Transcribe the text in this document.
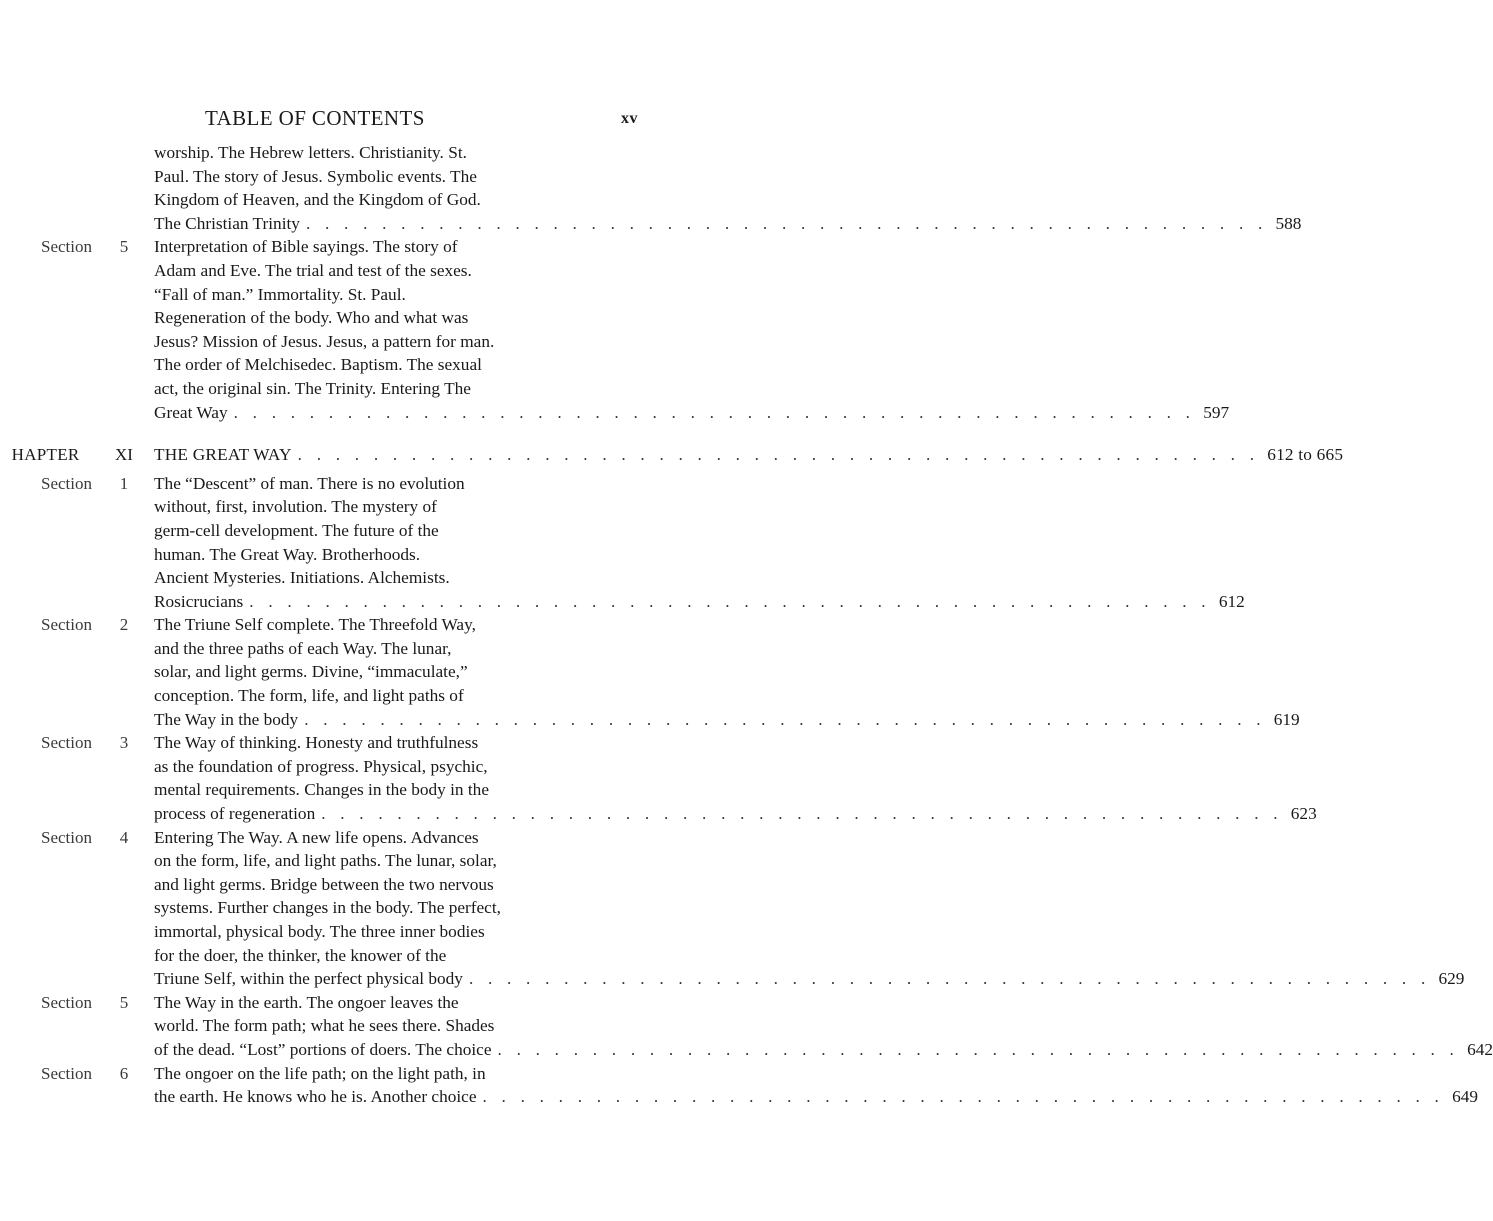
TABLE OF CONTENTS	xv
worship. The Hebrew letters. Christianity. St.
Paul. The story of Jesus. Symbolic events. The
Kingdom of Heaven, and the Kingdom of God.
The Christian Trinity . . . . . . . . . . . . . . . . . . . . . . . . . . . . . . . . . . . . . . . . . . . . . . . . . . . 588
Section 5 Interpretation of Bible sayings. The story of
Adam and Eve. The trial and test of the sexes.
“Fall of man.” Immortality. St. Paul.
Regeneration of the body. Who and what was
Jesus? Mission of Jesus. Jesus, a pattern for man.
The order of Melchisedec. Baptism. The sexual
act, the original sin. The Trinity. Entering The
Great Way . . . . . . . . . . . . . . . . . . . . . . . . . . . . . . . . . . . . . . . . . . . . . . . . . . . 597
CHAPTER XI THE GREAT WAY . . . . . . . . . . . . . . . . . . . . . . . . . . . . . . . . . . . . . . . . . . . . . . . . . . . 612 to 665
Section 1 The “Descent” of man. There is no evolution
without, first, involution. The mystery of
germ-cell development. The future of the
human. The Great Way. Brotherhoods.
Ancient Mysteries. Initiations. Alchemists.
Rosicrucians . . . . . . . . . . . . . . . . . . . . . . . . . . . . . . . . . . . . . . . . . . . . . . . . . . . 612
Section 2 The Triune Self complete. The Threefold Way,
and the three paths of each Way. The lunar,
solar, and light germs. Divine, “immaculate,”
conception. The form, life, and light paths of
The Way in the body . . . . . . . . . . . . . . . . . . . . . . . . . . . . . . . . . . . . . . . . . . . . . . . . . . . 619
Section 3 The Way of thinking. Honesty and truthfulness
as the foundation of progress. Physical, psychic,
mental requirements. Changes in the body in the
process of regeneration . . . . . . . . . . . . . . . . . . . . . . . . . . . . . . . . . . . . . . . . . . . . . . . . . . . 623
Section 4 Entering The Way. A new life opens. Advances
on the form, life, and light paths. The lunar, solar,
and light germs. Bridge between the two nervous
systems. Further changes in the body. The perfect,
immortal, physical body. The three inner bodies
for the doer, the thinker, the knower of the
Triune Self, within the perfect physical body . . . . . . . . . . . . . . . . . . . . . . . . . . . . . . . . . . . . . . . . . . . . . . . . . . . 629
Section 5 The Way in the earth. The ongoer leaves the
world. The form path; what he sees there. Shades
of the dead. “Lost” portions of doers. The choice . . . . . . . . . . . . . . . . . . . . . . . . . . . . . . . . . . . . . . . . . . . . . . . . . . . 642
Section 6 The ongoer on the life path; on the light path, in
the earth. He knows who he is. Another choice . . . . . . . . . . . . . . . . . . . . . . . . . . . . . . . . . . . . . . . . . . . . . . . . . . . 649
